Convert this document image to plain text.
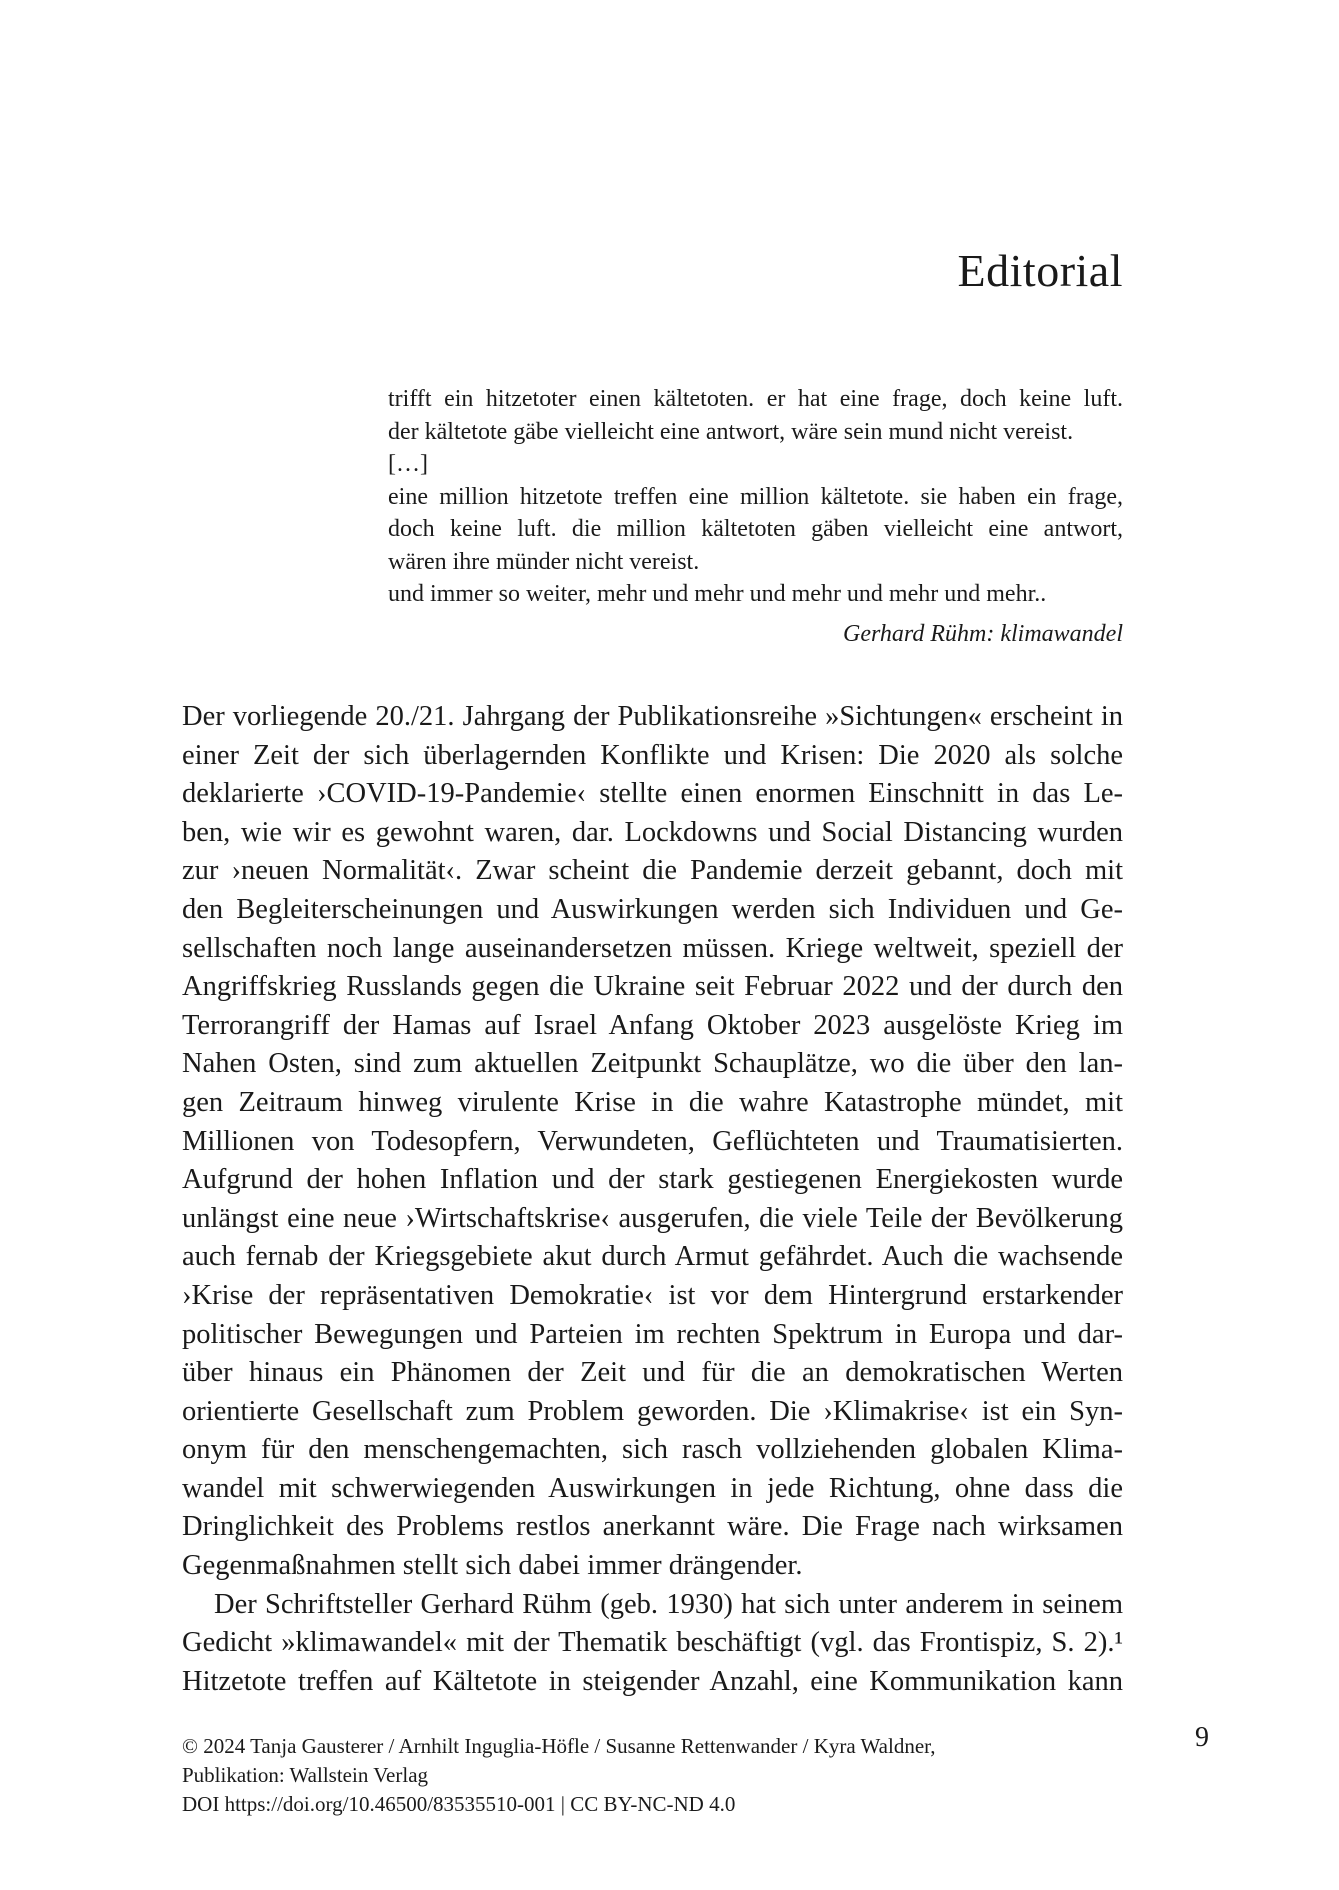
Editorial
trifft ein hitzetoter einen kältetoten. er hat eine frage, doch keine luft.
der kältetote gäbe vielleicht eine antwort, wäre sein mund nicht vereist.
[…]
eine million hitzetote treffen eine million kältetote. sie haben ein frage,
doch keine luft. die million kältetoten gäben vielleicht eine antwort,
wären ihre münder nicht vereist.
und immer so weiter, mehr und mehr und mehr und mehr und mehr..
Gerhard Rühm: klimawandel
Der vorliegende 20./21. Jahrgang der Publikationsreihe »Sichtungen« erscheint in
einer Zeit der sich überlagernden Konflikte und Krisen: Die 2020 als solche
deklarierte ›COVID-19-Pandemie‹ stellte einen enormen Einschnitt in das Le-
ben, wie wir es gewohnt waren, dar. Lockdowns und Social Distancing wurden
zur ›neuen Normalität‹. Zwar scheint die Pandemie derzeit gebannt, doch mit
den Begleiterscheinungen und Auswirkungen werden sich Individuen und Ge-
sellschaften noch lange auseinandersetzen müssen. Kriege weltweit, speziell der
Angriffskrieg Russlands gegen die Ukraine seit Februar 2022 und der durch den
Terrorangriff der Hamas auf Israel Anfang Oktober 2023 ausgelöste Krieg im
Nahen Osten, sind zum aktuellen Zeitpunkt Schauplätze, wo die über den lan-
gen Zeitraum hinweg virulente Krise in die wahre Katastrophe mündet, mit
Millionen von Todesopfern, Verwundeten, Geflüchteten und Traumatisierten.
Aufgrund der hohen Inflation und der stark gestiegenen Energiekosten wurde
unlängst eine neue ›Wirtschaftskrise‹ ausgerufen, die viele Teile der Bevölkerung
auch fernab der Kriegsgebiete akut durch Armut gefährdet. Auch die wachsende
›Krise der repräsentativen Demokratie‹ ist vor dem Hintergrund erstarkender
politischer Bewegungen und Parteien im rechten Spektrum in Europa und dar-
über hinaus ein Phänomen der Zeit und für die an demokratischen Werten
orientierte Gesellschaft zum Problem geworden. Die ›Klimakrise‹ ist ein Syn-
onym für den menschengemachten, sich rasch vollziehenden globalen Klima-
wandel mit schwerwiegenden Auswirkungen in jede Richtung, ohne dass die
Dringlichkeit des Problems restlos anerkannt wäre. Die Frage nach wirksamen
Gegenmaßnahmen stellt sich dabei immer drängender.
Der Schriftsteller Gerhard Rühm (geb. 1930) hat sich unter anderem in seinem
Gedicht »klimawandel« mit der Thematik beschäftigt (vgl. das Frontispiz, S. 2).¹
Hitzetote treffen auf Kältetote in steigender Anzahl, eine Kommunikation kann
9
© 2024 Tanja Gausterer / Arnhilt Inguglia-Höfle / Susanne Rettenwander / Kyra Waldner,
Publikation: Wallstein Verlag
DOI https://doi.org/10.46500/83535510-001 | CC BY-NC-ND 4.0
